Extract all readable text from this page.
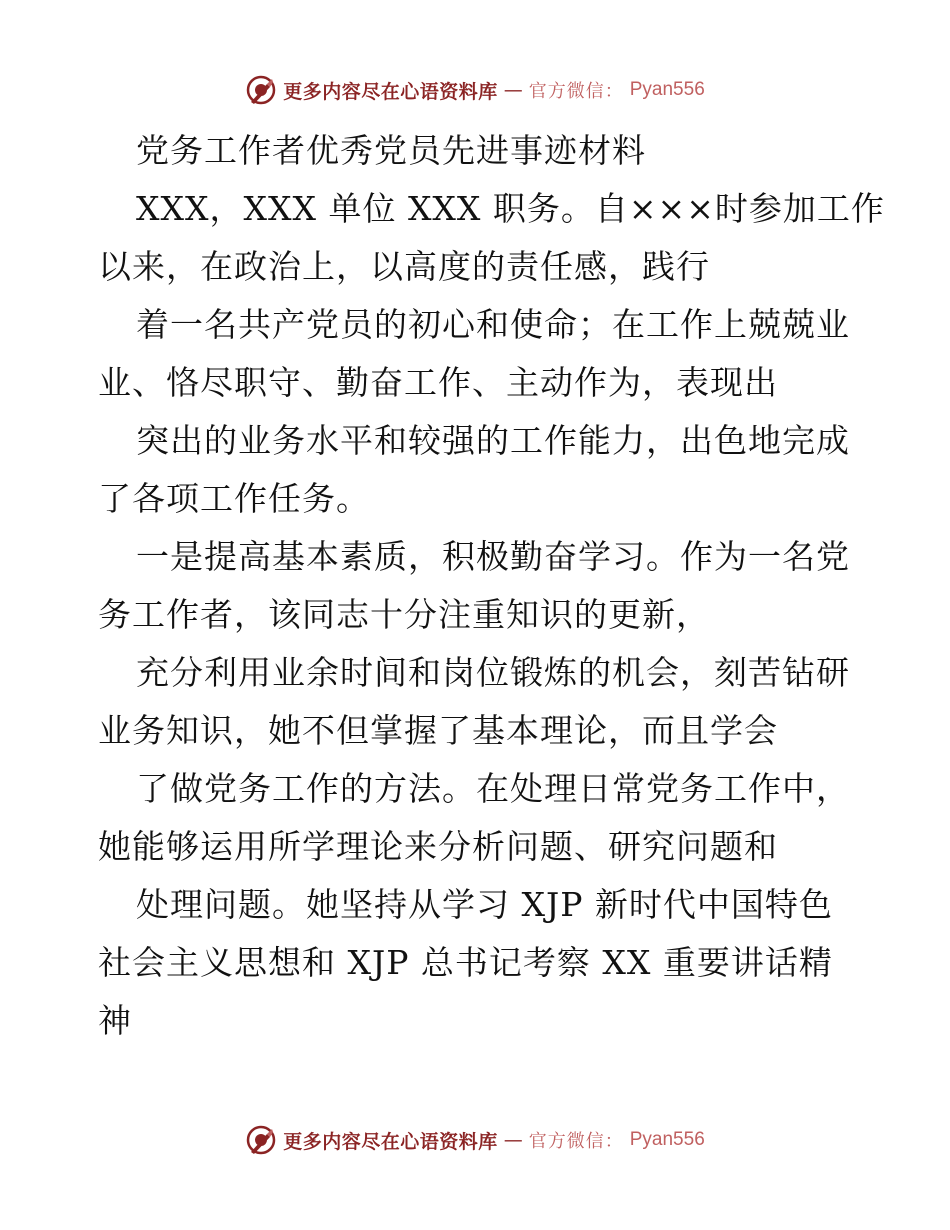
更多内容尽在心语资料库 — 官方微信： Pyan556
党务工作者优秀党员先进事迹材料
XXX，XXX 单位 XXX 职务。自×××时参加工作
以来，在政治上，以高度的责任感，践行
着一名共产党员的初心和使命；在工作上兢兢业
业、恪尽职守、勤奋工作、主动作为，表现出
突出的业务水平和较强的工作能力，出色地完成
了各项工作任务。
一是提高基本素质，积极勤奋学习。作为一名党
务工作者，该同志十分注重知识的更新，
充分利用业余时间和岗位锻炼的机会，刻苦钻研
业务知识，她不但掌握了基本理论，而且学会
了做党务工作的方法。在处理日常党务工作中，
她能够运用所学理论来分析问题、研究问题和
处理问题。她坚持从学习 XJP 新时代中国特色
社会主义思想和 XJP 总书记考察 XX 重要讲话精
神
更多内容尽在心语资料库 — 官方微信： Pyan556
